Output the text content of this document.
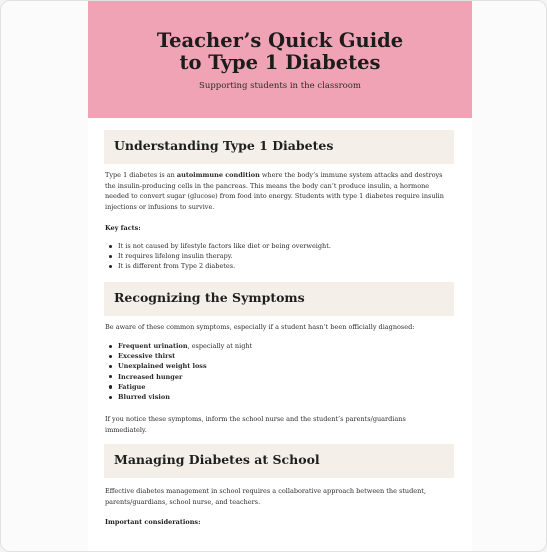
Teacher’s Quick Guide
to Type 1 Diabetes
Supporting students in the classroom
Understanding Type 1 Diabetes
Type 1 diabetes is an autoimmune condition where the body’s immune system attacks and destroys the insulin-producing cells in the pancreas. This means the body can’t produce insulin, a hormone needed to convert sugar (glucose) from food into energy. Students with type 1 diabetes require insulin injections or infusions to survive.
Key facts:
It is not caused by lifestyle factors like diet or being overweight.
It requires lifelong insulin therapy.
It is different from Type 2 diabetes.
Recognizing the Symptoms
Be aware of these common symptoms, especially if a student hasn’t been officially diagnosed:
Frequent urination, especially at night
Excessive thirst
Unexplained weight loss
Increased hunger
Fatigue
Blurred vision
If you notice these symptoms, inform the school nurse and the student’s parents/guardians immediately.
Managing Diabetes at School
Effective diabetes management in school requires a collaborative approach between the student, parents/guardians, school nurse, and teachers.
Important considerations:
